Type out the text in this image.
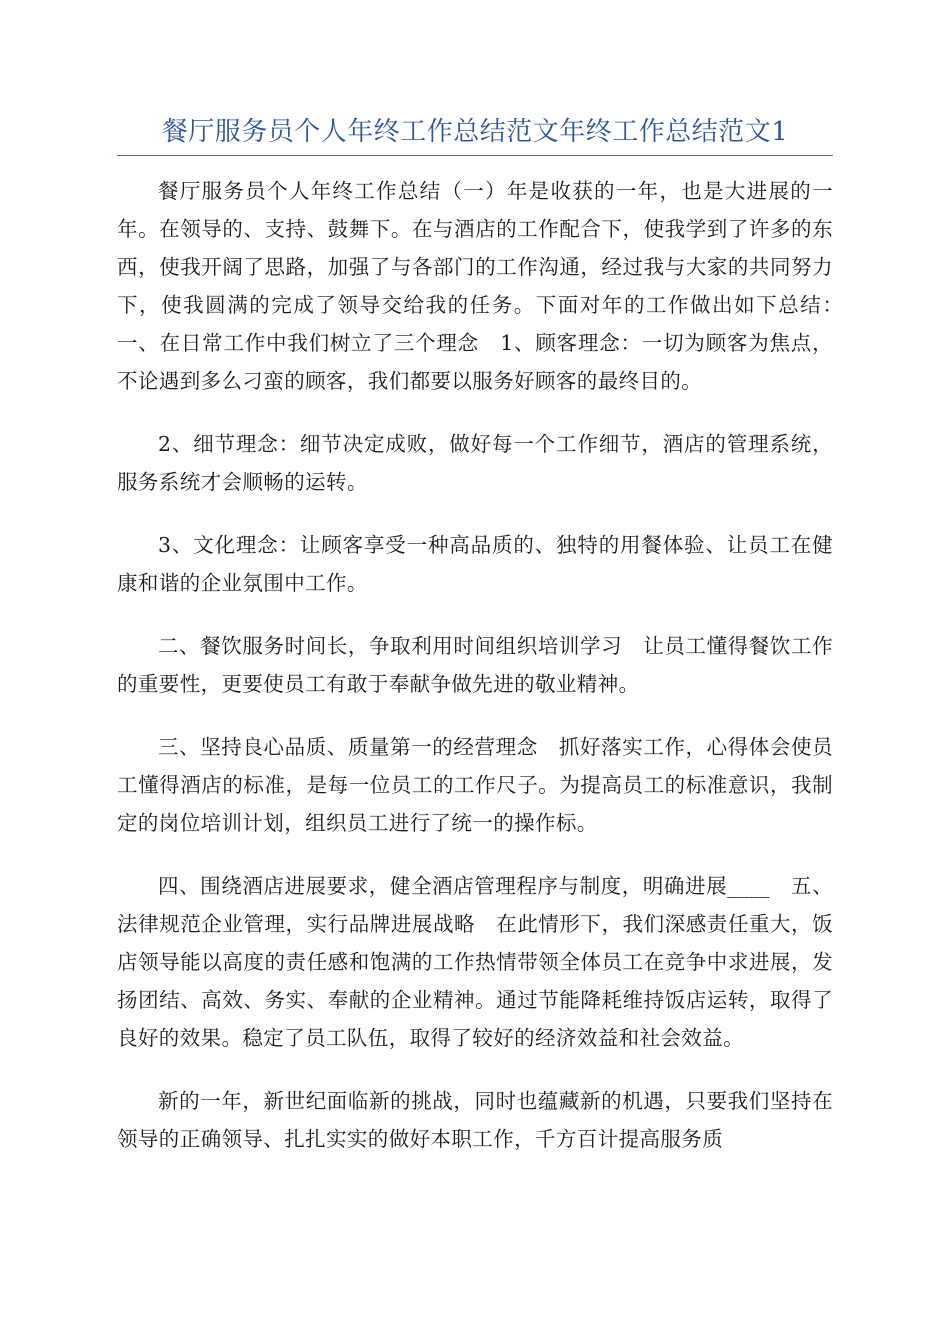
餐厅服务员个人年终工作总结范文年终工作总结范文1

餐厅服务员个人年终工作总结（一）年是收获的一年，也是大进展的一年。在领导的、支持、鼓舞下。在与酒店的工作配合下，使我学到了许多的东西，使我开阔了思路，加强了与各部门的工作沟通，经过我与大家的共同努力下，使我圆满的完成了领导交给我的任务。下面对年的工作做出如下总结：　一、在日常工作中我们树立了三个理念　1、顾客理念：一切为顾客为焦点，不论遇到多么刁蛮的顾客，我们都要以服务好顾客的最终目的。

2、细节理念：细节决定成败，做好每一个工作细节，酒店的管理系统，服务系统才会顺畅的运转。

3、文化理念：让顾客享受一种高品质的、独特的用餐体验、让员工在健康和谐的企业氛围中工作。

二、餐饮服务时间长，争取利用时间组织培训学习　让员工懂得餐饮工作的重要性，更要使员工有敢于奉献争做先进的敬业精神。

三、坚持良心品质、质量第一的经营理念　抓好落实工作，心得体会使员工懂得酒店的标准，是每一位员工的工作尺子。为提高员工的标准意识，我制定的岗位培训计划，组织员工进行了统一的操作标。

四、围绕酒店进展要求，健全酒店管理程序与制度，明确进展____　五、法律规范企业管理，实行品牌进展战略　在此情形下，我们深感责任重大，饭店领导能以高度的责任感和饱满的工作热情带领全体员工在竞争中求进展，发扬团结、高效、务实、奉献的企业精神。通过节能降耗维持饭店运转，取得了良好的效果。稳定了员工队伍，取得了较好的经济效益和社会效益。

新的一年，新世纪面临新的挑战，同时也蕴藏新的机遇，只要我们坚持在领导的正确领导、扎扎实实的做好本职工作，千方百计提高服务质
